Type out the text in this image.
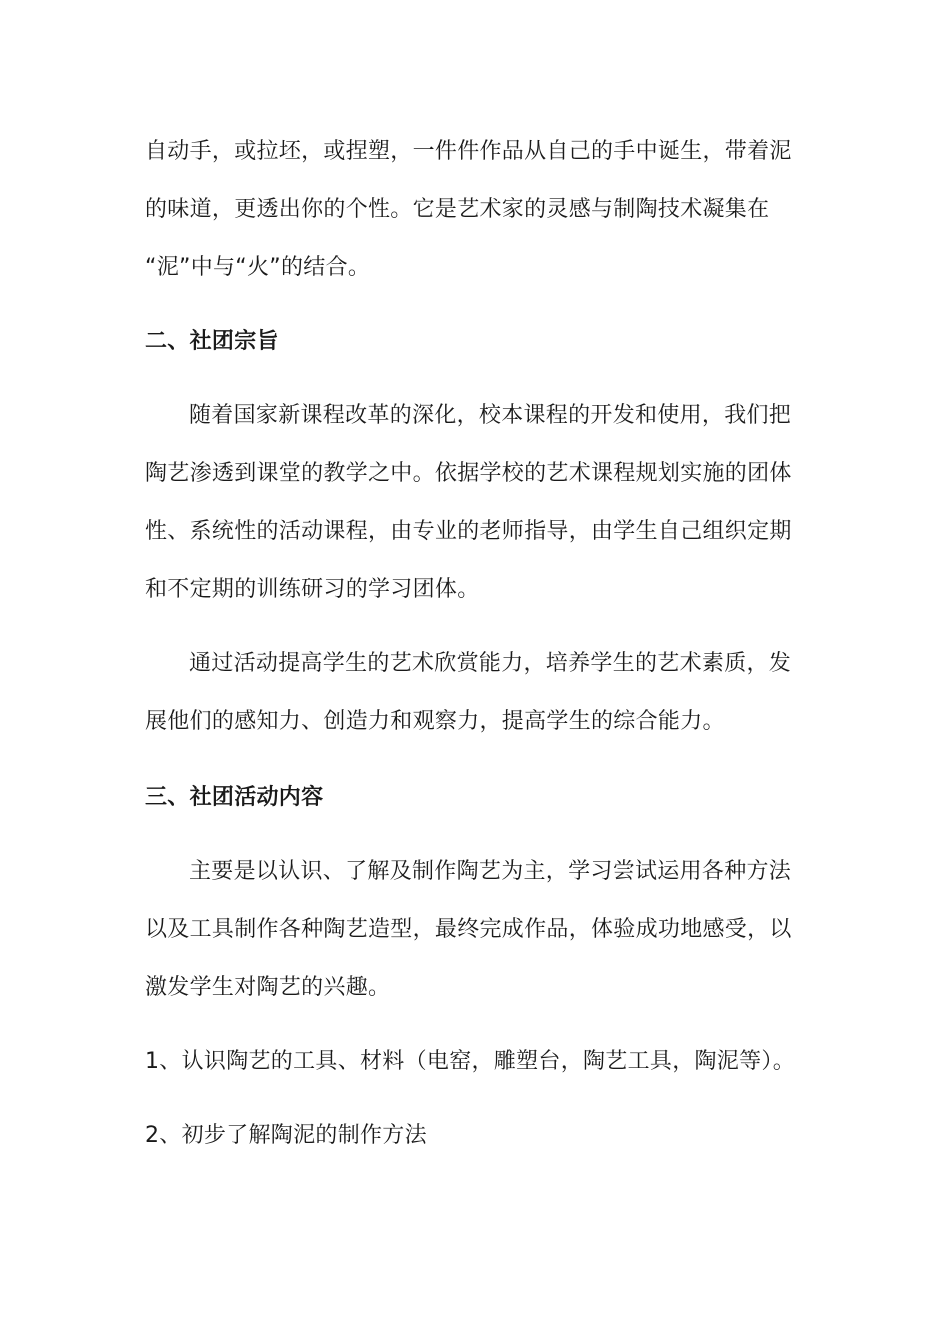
自动手，或拉坯，或捏塑，一件件作品从自己的手中诞生，带着泥
的味道，更透出你的个性。它是艺术家的灵感与制陶技术凝集在
“泥”中与“火”的结合。
二、社团宗旨
随着国家新课程改革的深化，校本课程的开发和使用，我们把
陶艺渗透到课堂的教学之中。依据学校的艺术课程规划实施的团体
性、系统性的活动课程，由专业的老师指导，由学生自己组织定期
和不定期的训练研习的学习团体。
通过活动提高学生的艺术欣赏能力，培养学生的艺术素质，发
展他们的感知力、创造力和观察力，提高学生的综合能力。
三、社团活动内容
主要是以认识、了解及制作陶艺为主，学习尝试运用各种方法
以及工具制作各种陶艺造型，最终完成作品，体验成功地感受，以
激发学生对陶艺的兴趣。
1、认识陶艺的工具、材料（电窑，雕塑台，陶艺工具，陶泥等）。
2、初步了解陶泥的制作方法
